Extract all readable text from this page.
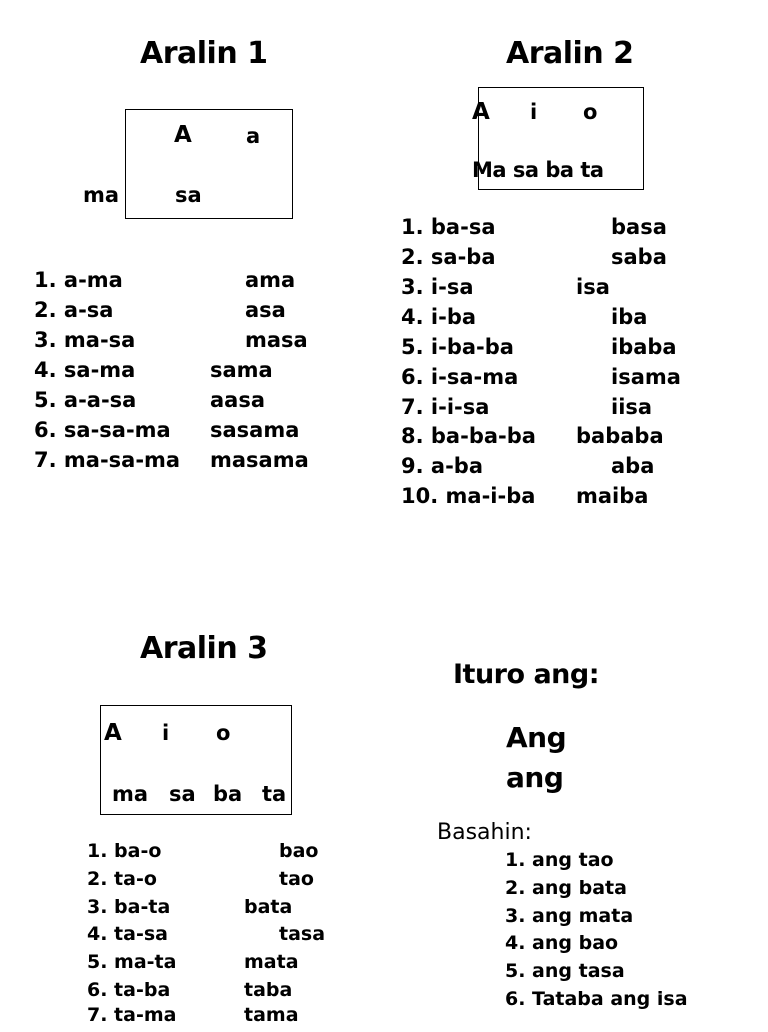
Aralin 1
A	a
ma	sa
1. a-ma	ama
2. a-sa	asa
3. ma-sa	masa
4. sa-ma	sama
5. a-a-sa	aasa
6. sa-sa-ma sasama
7. ma-sa-ma masama
Aralin 2
A i o
Ma sa ba ta
1. ba-sa	basa
2. sa-ba	saba
3. i-sa	isa
4. i-ba	iba
5. i-ba-ba	ibaba
6. i-sa-ma	isama
7. i-i-sa	iisa
8. ba-ba-ba bababa
9. a-ba	aba
10. ma-i-ba maiba
Aralin 3
A i o
ma sa ba ta
1. ba-o	bao
2. ta-o	tao
3. ba-ta	bata
4. ta-sa	tasa
5. ma-ta	mata
6. ta-ba	taba
7. ta-ma	tama
Ituro ang:
Ang
ang
Basahin:
1. ang tao
2. ang bata
3. ang mata
4. ang bao
5. ang tasa
6. Tataba ang isa
